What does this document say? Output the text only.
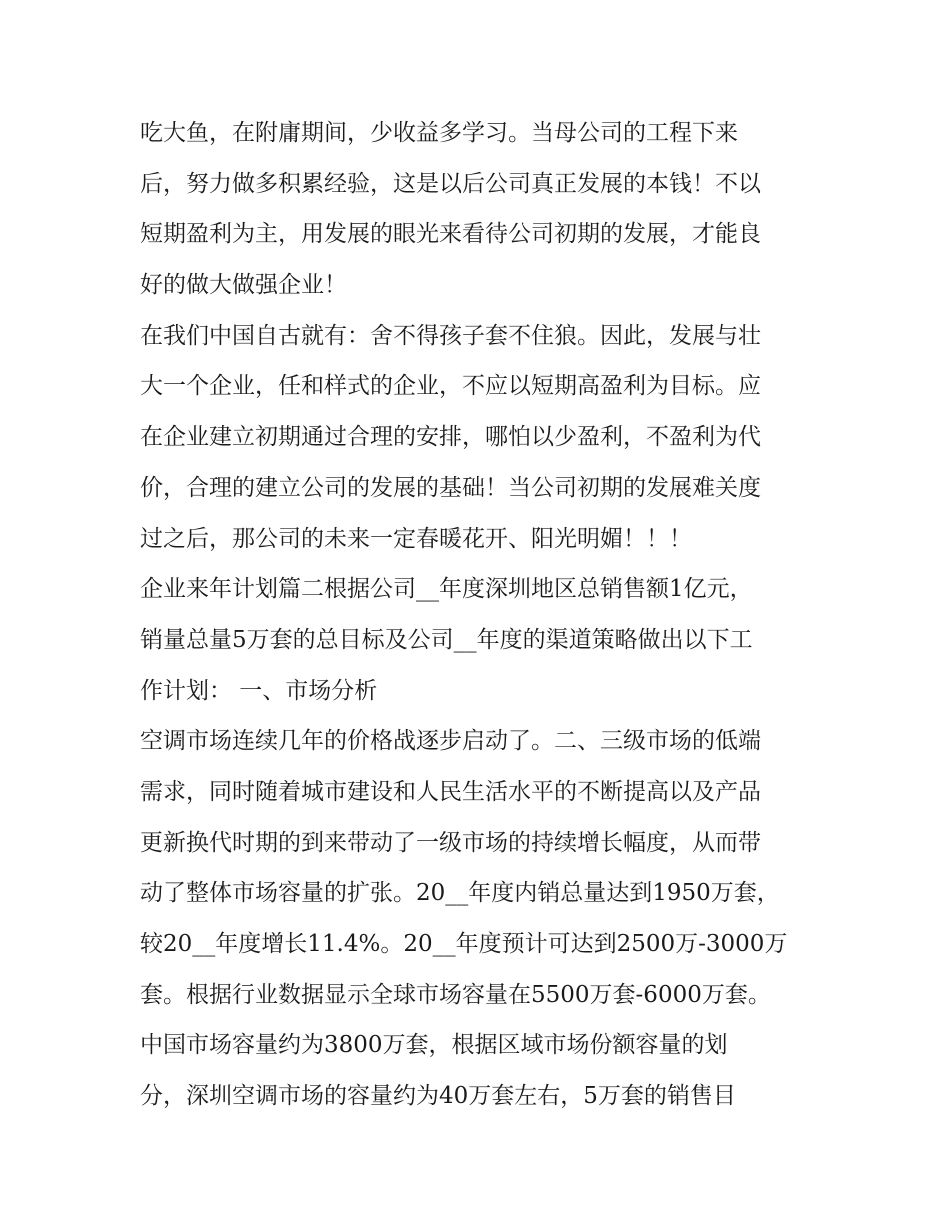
吃大鱼，在附庸期间，少收益多学习。当母公司的工程下来
后，努力做多积累经验，这是以后公司真正发展的本钱！不以
短期盈利为主，用发展的眼光来看待公司初期的发展，才能良
好的做大做强企业！
在我们中国自古就有：舍不得孩子套不住狼。因此，发展与壮
大一个企业，任和样式的企业，不应以短期高盈利为目标。应
在企业建立初期通过合理的安排，哪怕以少盈利，不盈利为代
价，合理的建立公司的发展的基础！当公司初期的发展难关度
过之后，那公司的未来一定春暖花开、阳光明媚！！！
企业来年计划篇二根据公司__年度深圳地区总销售额1亿元，
销量总量5万套的总目标及公司__年度的渠道策略做出以下工
作计划： 一、市场分析
空调市场连续几年的价格战逐步启动了。二、三级市场的低端
需求，同时随着城市建设和人民生活水平的不断提高以及产品
更新换代时期的到来带动了一级市场的持续增长幅度，从而带
动了整体市场容量的扩张。20__年度内销总量达到1950万套，
较20__年度增长11.4%。20__年度预计可达到2500万-3000万
套。根据行业数据显示全球市场容量在5500万套-6000万套。
中国市场容量约为3800万套，根据区域市场份额容量的划
分，深圳空调市场的容量约为40万套左右，5万套的销售目
